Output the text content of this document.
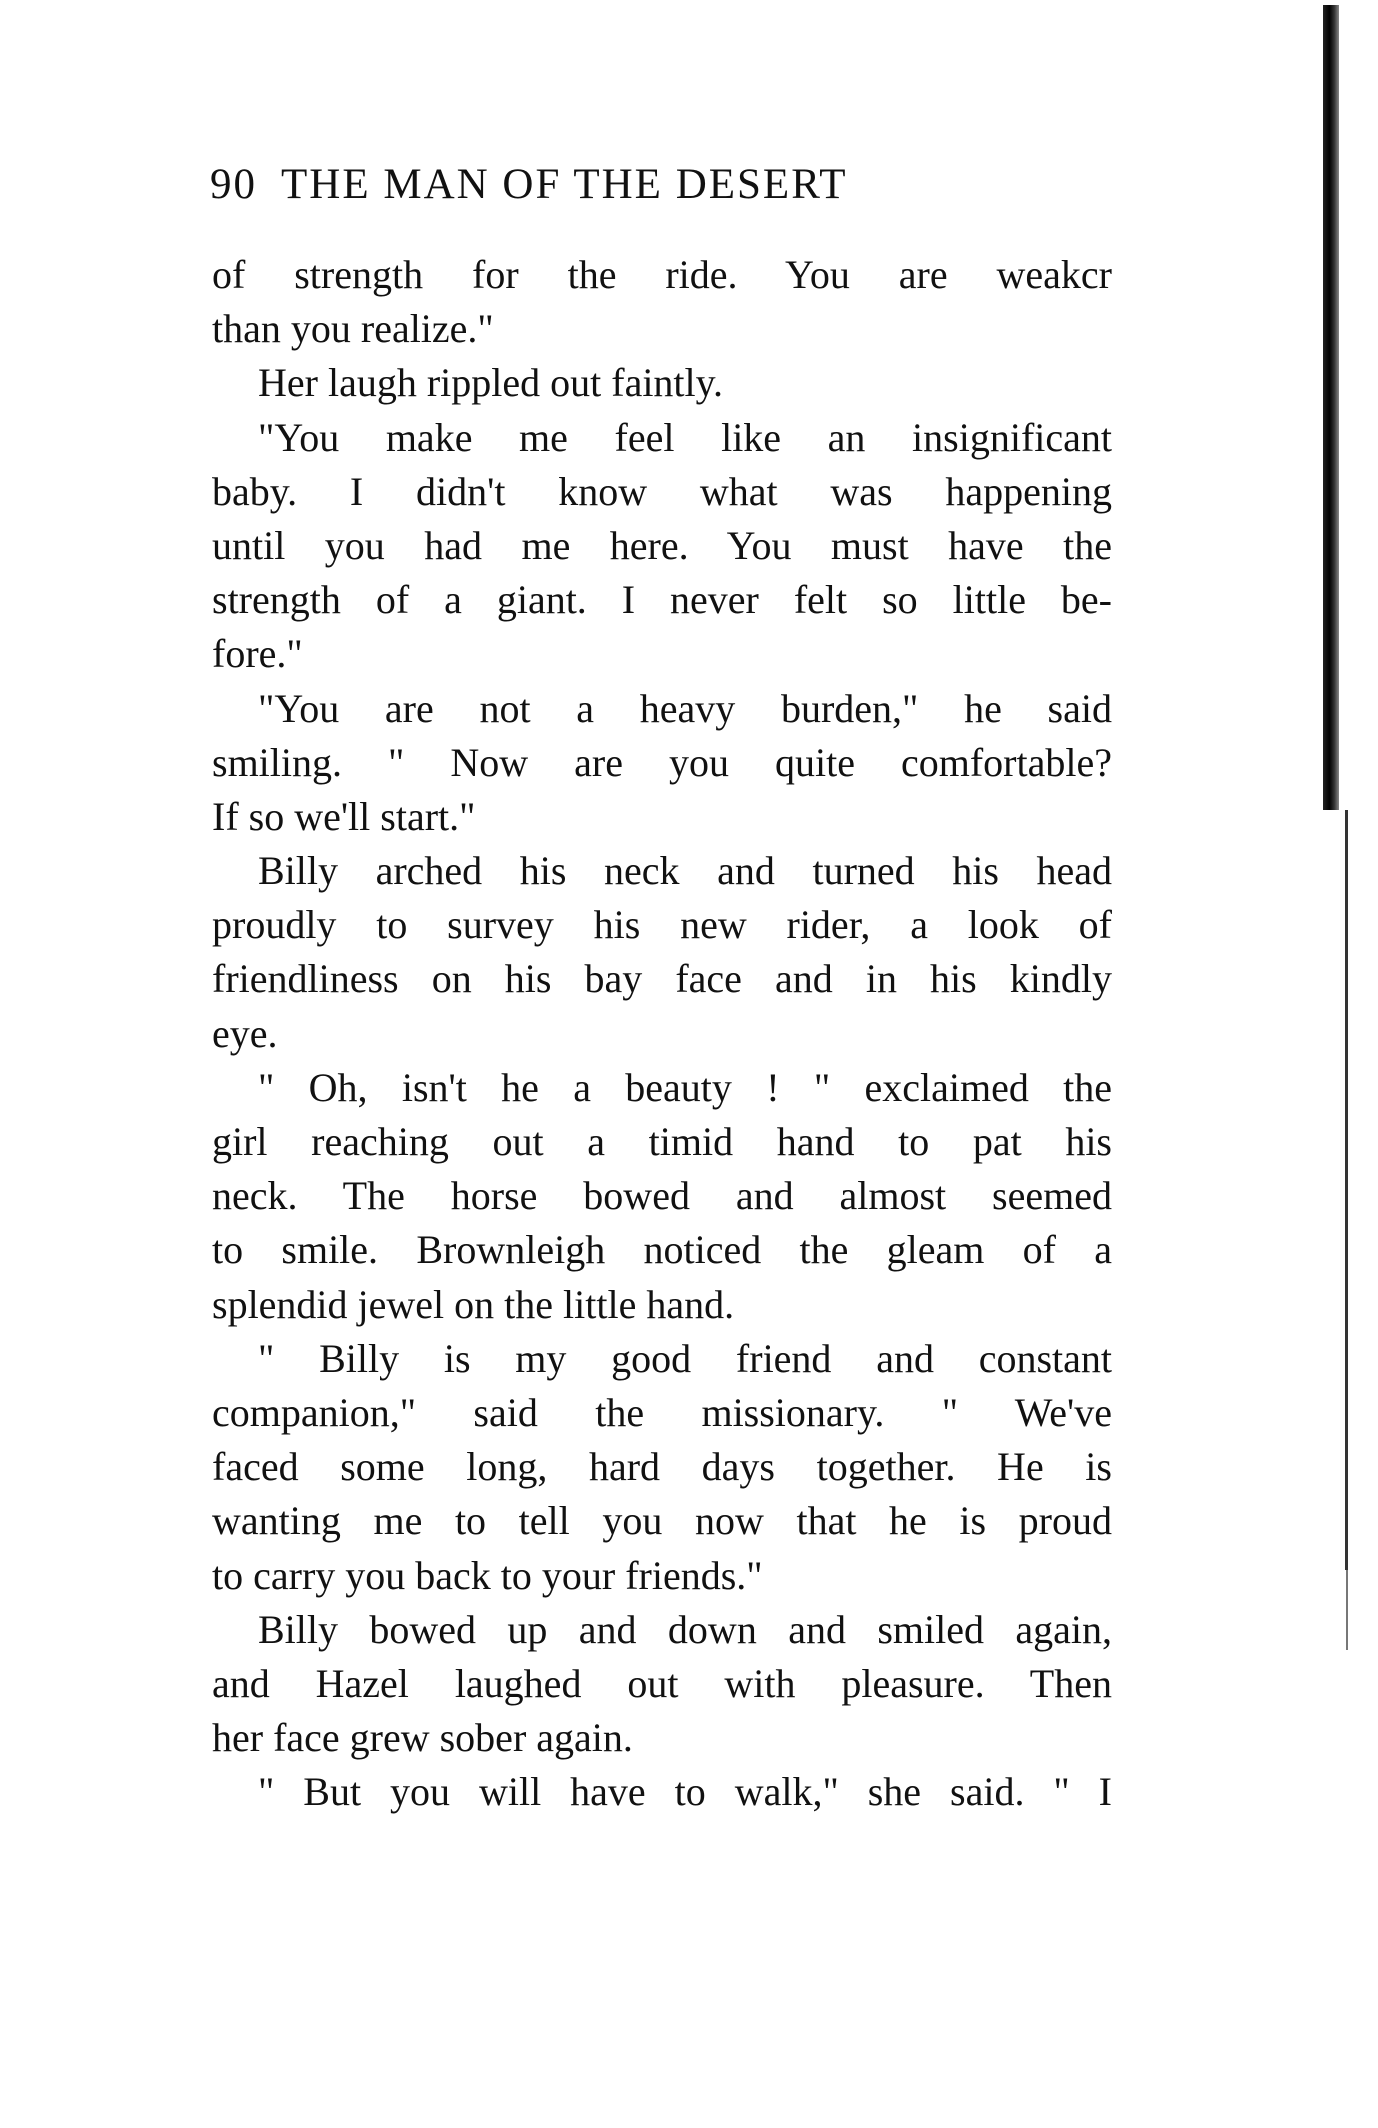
90 THE MAN OF THE DESERT
of strength for the ride. You are weakcr
than you realize."
Her laugh rippled out faintly.
"You make me feel like an insignificant
baby. I didn't know what was happening
until you had me here. You must have the
strength of a giant. I never felt so little be-
fore."
"You are not a heavy burden," he said
smiling. " Now are you quite comfortable?
If so we'll start."
Billy arched his neck and turned his head
proudly to survey his new rider, a look of
friendliness on his bay face and in his kindly
eye.
" Oh, isn't he a beauty ! " exclaimed the
girl reaching out a timid hand to pat his
neck. The horse bowed and almost seemed
to smile. Brownleigh noticed the gleam of a
splendid jewel on the little hand.
" Billy is my good friend and constant
companion," said the missionary. " We've
faced some long, hard days together. He is
wanting me to tell you now that he is proud
to carry you back to your friends."
Billy bowed up and down and smiled again,
and Hazel laughed out with pleasure. Then
her face grew sober again.
" But you will have to walk," she said. " I
